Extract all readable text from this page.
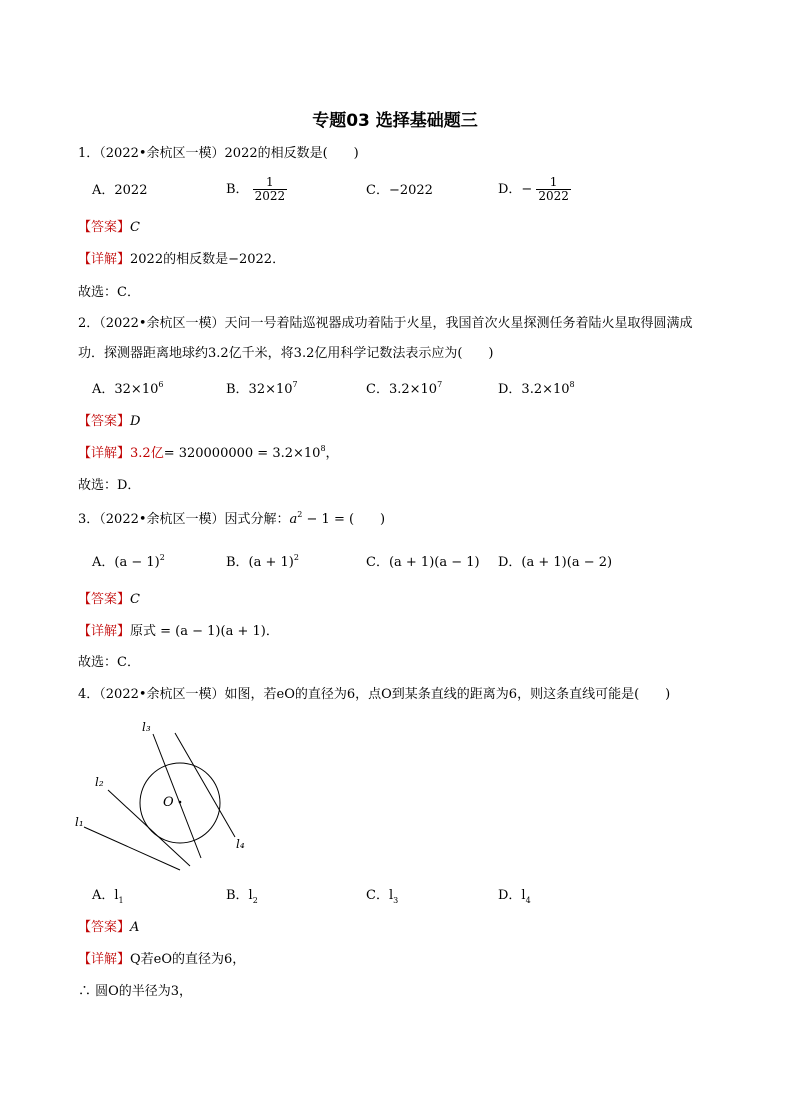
专题03 选择基础题三
1．（2022•余杭区一模）2022的相反数是(　　)
A．2022	B． $\frac{1}{2022}$	C．−2022	D．− $\frac{1}{2022}$
【答案】C
【详解】2022的相反数是−2022．
故选：C．
2．（2022•余杭区一模）天问一号着陆巡视器成功着陆于火星，我国首次火星探测任务着陆火星取得圆满成
功．探测器距离地球约3.2亿千米，将3.2亿用科学记数法表示应为(　　)
A．$32\times 10^6$	B．$32\times 10^7$	C．$3.2\times 10^7$	D．$3.2\times 10^8$
【答案】D
【详解】3.2亿= $320000000 = 3.2\times 10^8$，
故选：D．
3．（2022•余杭区一模）因式分解：$a^2 - 1$ = (　　)
A．$(a - 1)^2$	B．$(a + 1)^2$	C．(a + 1)(a − 1) D．(a + 1)(a − 2)
【答案】C
【详解】原式 = (a − 1)(a + 1)．
故选：C．
4．（2022•余杭区一模）如图，若eO的直径为6，点O到某条直线的距离为6，则这条直线可能是(　　)
O
l₃
l₂
l₁
l₄
A．$l_1$	B．$l_2$	C．$l_3$	D．$l_4$
【答案】A
【详解】Q若eO的直径为6，
∴ 圆O的半径为3，
